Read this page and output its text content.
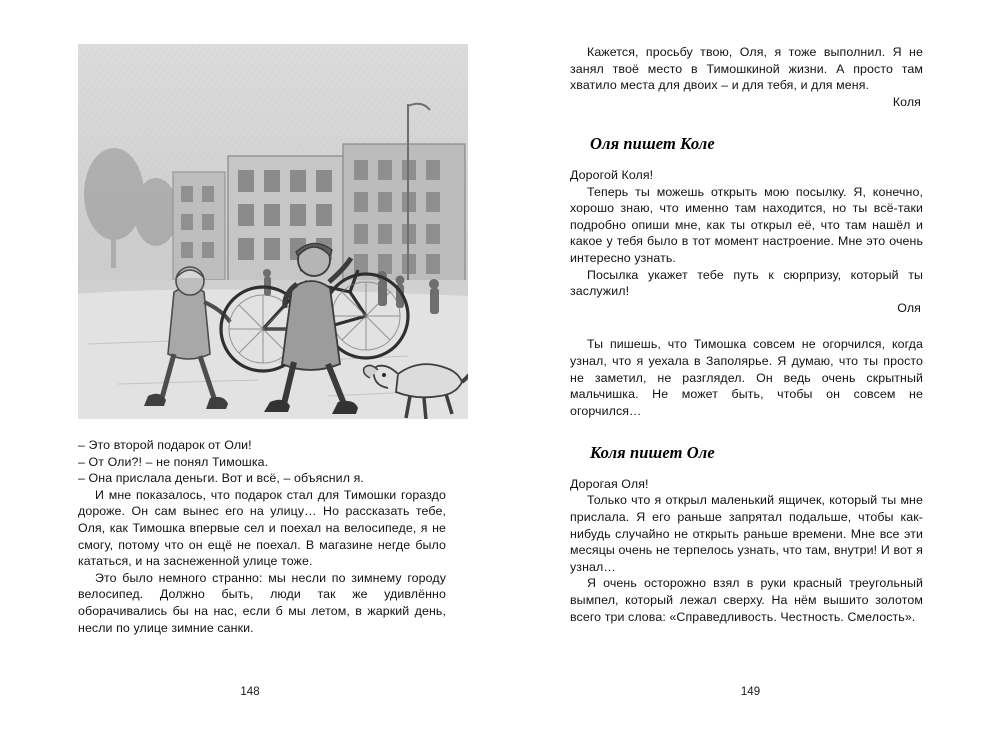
– Это второй подарок от Оли!

– От Оли?! – не понял Тимошка.

– Она прислала деньги. Вот и всё, – объяснил я.

И мне показалось, что подарок стал для Тимошки гораздо дороже. Он сам вынес его на улицу… Но рассказать тебе, Оля, как Тимошка впервые сел и поехал на велосипеде, я не смогу, потому что он ещё не поехал. В магазине негде было кататься, и на заснеженной улице тоже.

Это было немного странно: мы несли по зимнему городу велосипед. Должно быть, люди так же удивлённо оборачивались бы на нас, если б мы летом, в жаркий день, несли по улице зимние санки.

148

Кажется, просьбу твою, Оля, я тоже выполнил. Я не занял твоё место в Тимошкиной жизни. А просто там хватило места для двоих – и для тебя, и для меня.

Коля
Оля пишет Коле

Дорогой Коля!

Теперь ты можешь открыть мою посылку. Я, конечно, хорошо знаю, что именно там находится, но ты всё-таки подробно опиши мне, как ты открыл её, что там нашёл и какое у тебя было в тот момент настроение. Мне это очень интересно узнать.

Посылка укажет тебе путь к сюрпризу, который ты заслужил!

Оля

Ты пишешь, что Тимошка совсем не огорчился, когда узнал, что я уехала в Заполярье. Я думаю, что ты просто не заметил, не разглядел. Он ведь очень скрытный мальчишка. Не может быть, чтобы он совсем не огорчился…

Коля пишет Оле

Дорогая Оля!

Только что я открыл маленький ящичек, который ты мне прислала. Я его раньше запрятал подальше, чтобы как-нибудь случайно не открыть раньше времени. Мне все эти месяцы очень не терпелось узнать, что там, внутри! И вот я узнал…

Я очень осторожно взял в руки красный треугольный вымпел, который лежал сверху. На нём вышито золотом всего три слова: «Справедливость. Честность. Смелость».

149
